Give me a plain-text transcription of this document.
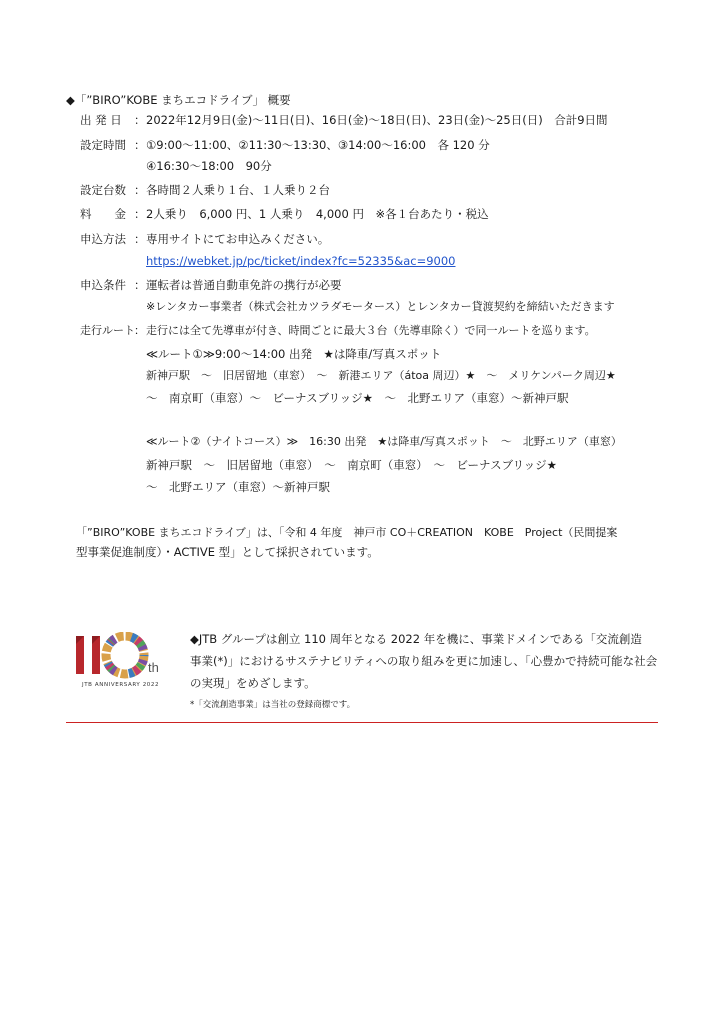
◆「”BIRO”KOBE まちエコドライブ」 概要
出 発 日 ： 2022年12月9日(金)～11日(日)、16日(金)～18日(日)、23日(金)～25日(日)　合計9日間
設定時間 ： ①9:00～11:00、②11:30～13:30、③14:00～16:00　各 120 分
④16:30～18:00　90分
設定台数 ： 各時間２人乗り１台、１人乗り２台
料　　金 ： 2人乗り　6,000 円、1 人乗り　4,000 円　※各１台あたり・税込
申込方法 ： 専用サイトにてお申込みください。
https://webket.jp/pc/ticket/index?fc=52335&ac=9000
申込条件 ： 運転者は普通自動車免許の携行が必要
※レンタカー事業者（株式会社カツラダモータース）とレンタカー貸渡契約を締結いただきます
走行ルート ： 走行には全て先導車が付き、時間ごとに最大３台（先導車除く）で同一ルートを巡ります。
≪ルート①≫9:00～14:00 出発　★は降車/写真スポット
新神戸駅　～　旧居留地（車窓）　～　新港エリア（átoa 周辺）★　～　メリケンパーク周辺★
～　南京町（車窓）～　ビーナスブリッジ★　～　北野エリア（車窓）～新神戸駅
≪ルート②（ナイトコース）≫　16:30 出発　★は降車/写真スポット　～　北野エリア（車窓）
新神戸駅　～　旧居留地（車窓）　～　南京町（車窓）　～　ビーナスブリッジ★
～　北野エリア（車窓）～新神戸駅
「”BIRO”KOBE まちエコドライブ」は、「令和 4 年度　神戸市 CO＋CREATION　KOBE　Project（民間提案
型事業促進制度）・ACTIVE 型」として採択されています。
th
JTB ANNIVERSARY 2022
◆JTB グループは創立 110 周年となる 2022 年を機に、事業ドメインである「交流創造
事業(*)」におけるサステナビリティへの取り組みを更に加速し、「心豊かで持続可能な社会
の実現」をめざします。
*「交流創造事業」は当社の登録商標です。
